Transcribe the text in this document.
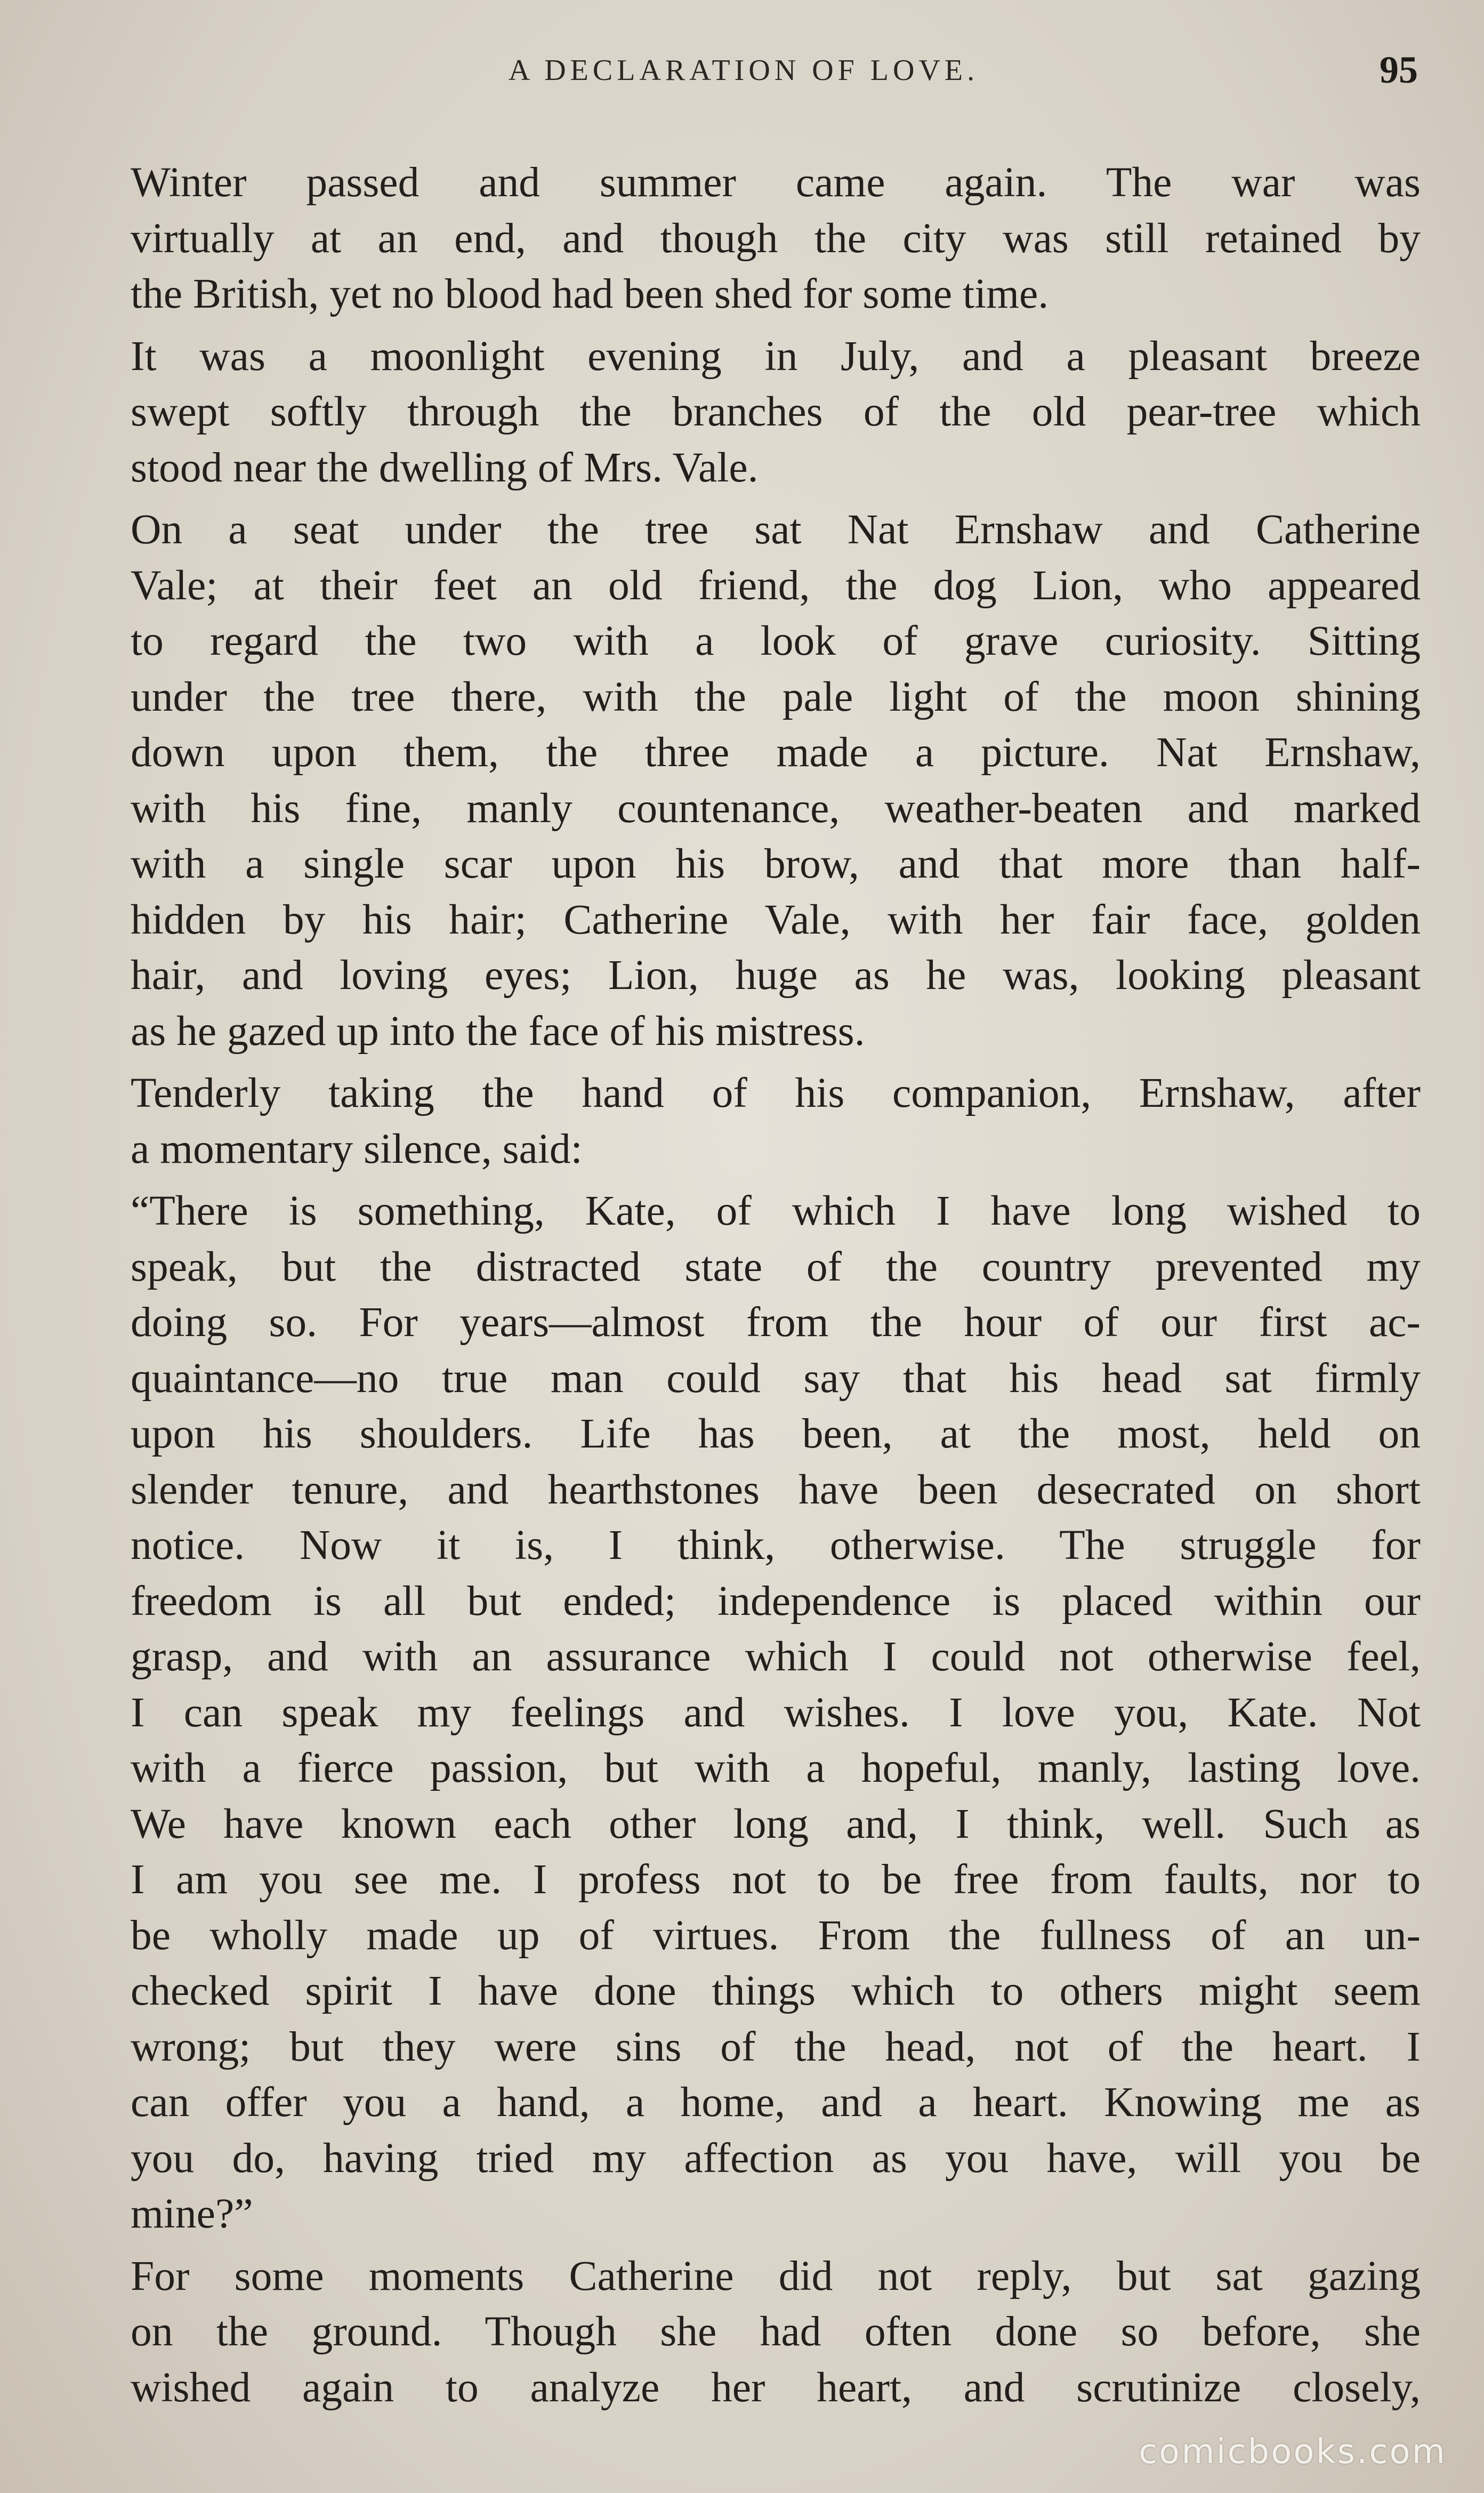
A DECLARATION OF LOVE.	95
Winter passed and summer came again. The war was
virtually at an end, and though the city was still retained by
the British, yet no blood had been shed for some time.
It was a moonlight evening in July, and a pleasant breeze
swept softly through the branches of the old pear-tree which
stood near the dwelling of Mrs. Vale.
On a seat under the tree sat Nat Ernshaw and Catherine
Vale; at their feet an old friend, the dog Lion, who appeared
to regard the two with a look of grave curiosity. Sitting
under the tree there, with the pale light of the moon shining
down upon them, the three made a picture. Nat Ernshaw,
with his fine, manly countenance, weather-beaten and marked
with a single scar upon his brow, and that more than half-
hidden by his hair; Catherine Vale, with her fair face, golden
hair, and loving eyes; Lion, huge as he was, looking pleasant
as he gazed up into the face of his mistress.
Tenderly taking the hand of his companion, Ernshaw, after
a momentary silence, said:
“There is something, Kate, of which I have long wished to
speak, but the distracted state of the country prevented my
doing so. For years—almost from the hour of our first ac-
quaintance—no true man could say that his head sat firmly
upon his shoulders. Life has been, at the most, held on
slender tenure, and hearthstones have been desecrated on short
notice. Now it is, I think, otherwise. The struggle for
freedom is all but ended; independence is placed within our
grasp, and with an assurance which I could not otherwise feel,
I can speak my feelings and wishes. I love you, Kate. Not
with a fierce passion, but with a hopeful, manly, lasting love.
We have known each other long and, I think, well. Such as
I am you see me. I profess not to be free from faults, nor to
be wholly made up of virtues. From the fullness of an un-
checked spirit I have done things which to others might seem
wrong; but they were sins of the head, not of the heart. I
can offer you a hand, a home, and a heart. Knowing me as
you do, having tried my affection as you have, will you be
mine?”
For some moments Catherine did not reply, but sat gazing
on the ground. Though she had often done so before, she
wished again to analyze her heart, and scrutinize closely,
comicbooks.com
